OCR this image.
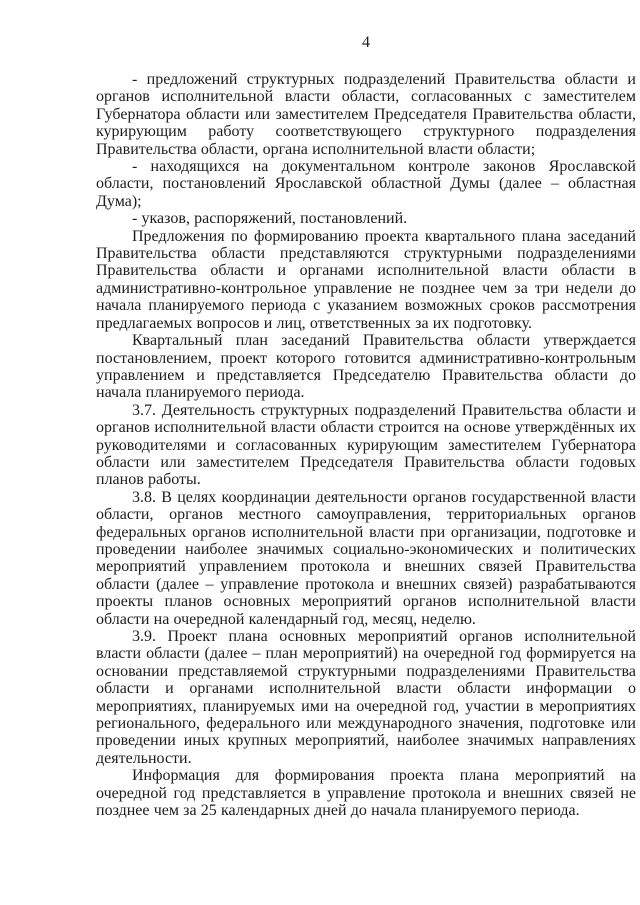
4

- предложений структурных подразделений Правительства области и органов исполнительной власти области, согласованных с заместителем Губернатора области или заместителем Председателя Правительства области, курирующим работу соответствующего структурного подразделения Правительства области, органа исполнительной власти области;

- находящихся на документальном контроле законов Ярославской области, постановлений Ярославской областной Думы (далее – областная Дума);

- указов, распоряжений, постановлений.

Предложения по формированию проекта квартального плана заседаний Правительства области представляются структурными подразделениями Правительства области и органами исполнительной власти области в административно-контрольное управление не позднее чем за три недели до начала планируемого периода с указанием возможных сроков рассмотрения предлагаемых вопросов и лиц, ответственных за их подготовку.

Квартальный план заседаний Правительства области утверждается постановлением, проект которого готовится административно-контрольным управлением и представляется Председателю Правительства области до начала планируемого периода.

3.7. Деятельность структурных подразделений Правительства области и органов исполнительной власти области строится на основе утверждённых их руководителями и согласованных курирующим заместителем Губернатора области или заместителем Председателя Правительства области годовых планов работы.

3.8. В целях координации деятельности органов государственной власти области, органов местного самоуправления, территориальных органов федеральных органов исполнительной власти при организации, подготовке и проведении наиболее значимых социально-экономических и политических мероприятий управлением протокола и внешних связей Правительства области (далее – управление протокола и внешних связей) разрабатываются проекты планов основных мероприятий органов исполнительной власти области на очередной календарный год, месяц, неделю.

3.9. Проект плана основных мероприятий органов исполнительной власти области (далее – план мероприятий) на очередной год формируется на основании представляемой структурными подразделениями Правительства области и органами исполнительной власти области информации о мероприятиях, планируемых ими на очередной год, участии в мероприятиях регионального, федерального или международного значения, подготовке или проведении иных крупных мероприятий, наиболее значимых направлениях деятельности.

Информация для формирования проекта плана мероприятий на очередной год представляется в управление протокола и внешних связей не позднее чем за 25 календарных дней до начала планируемого периода.
